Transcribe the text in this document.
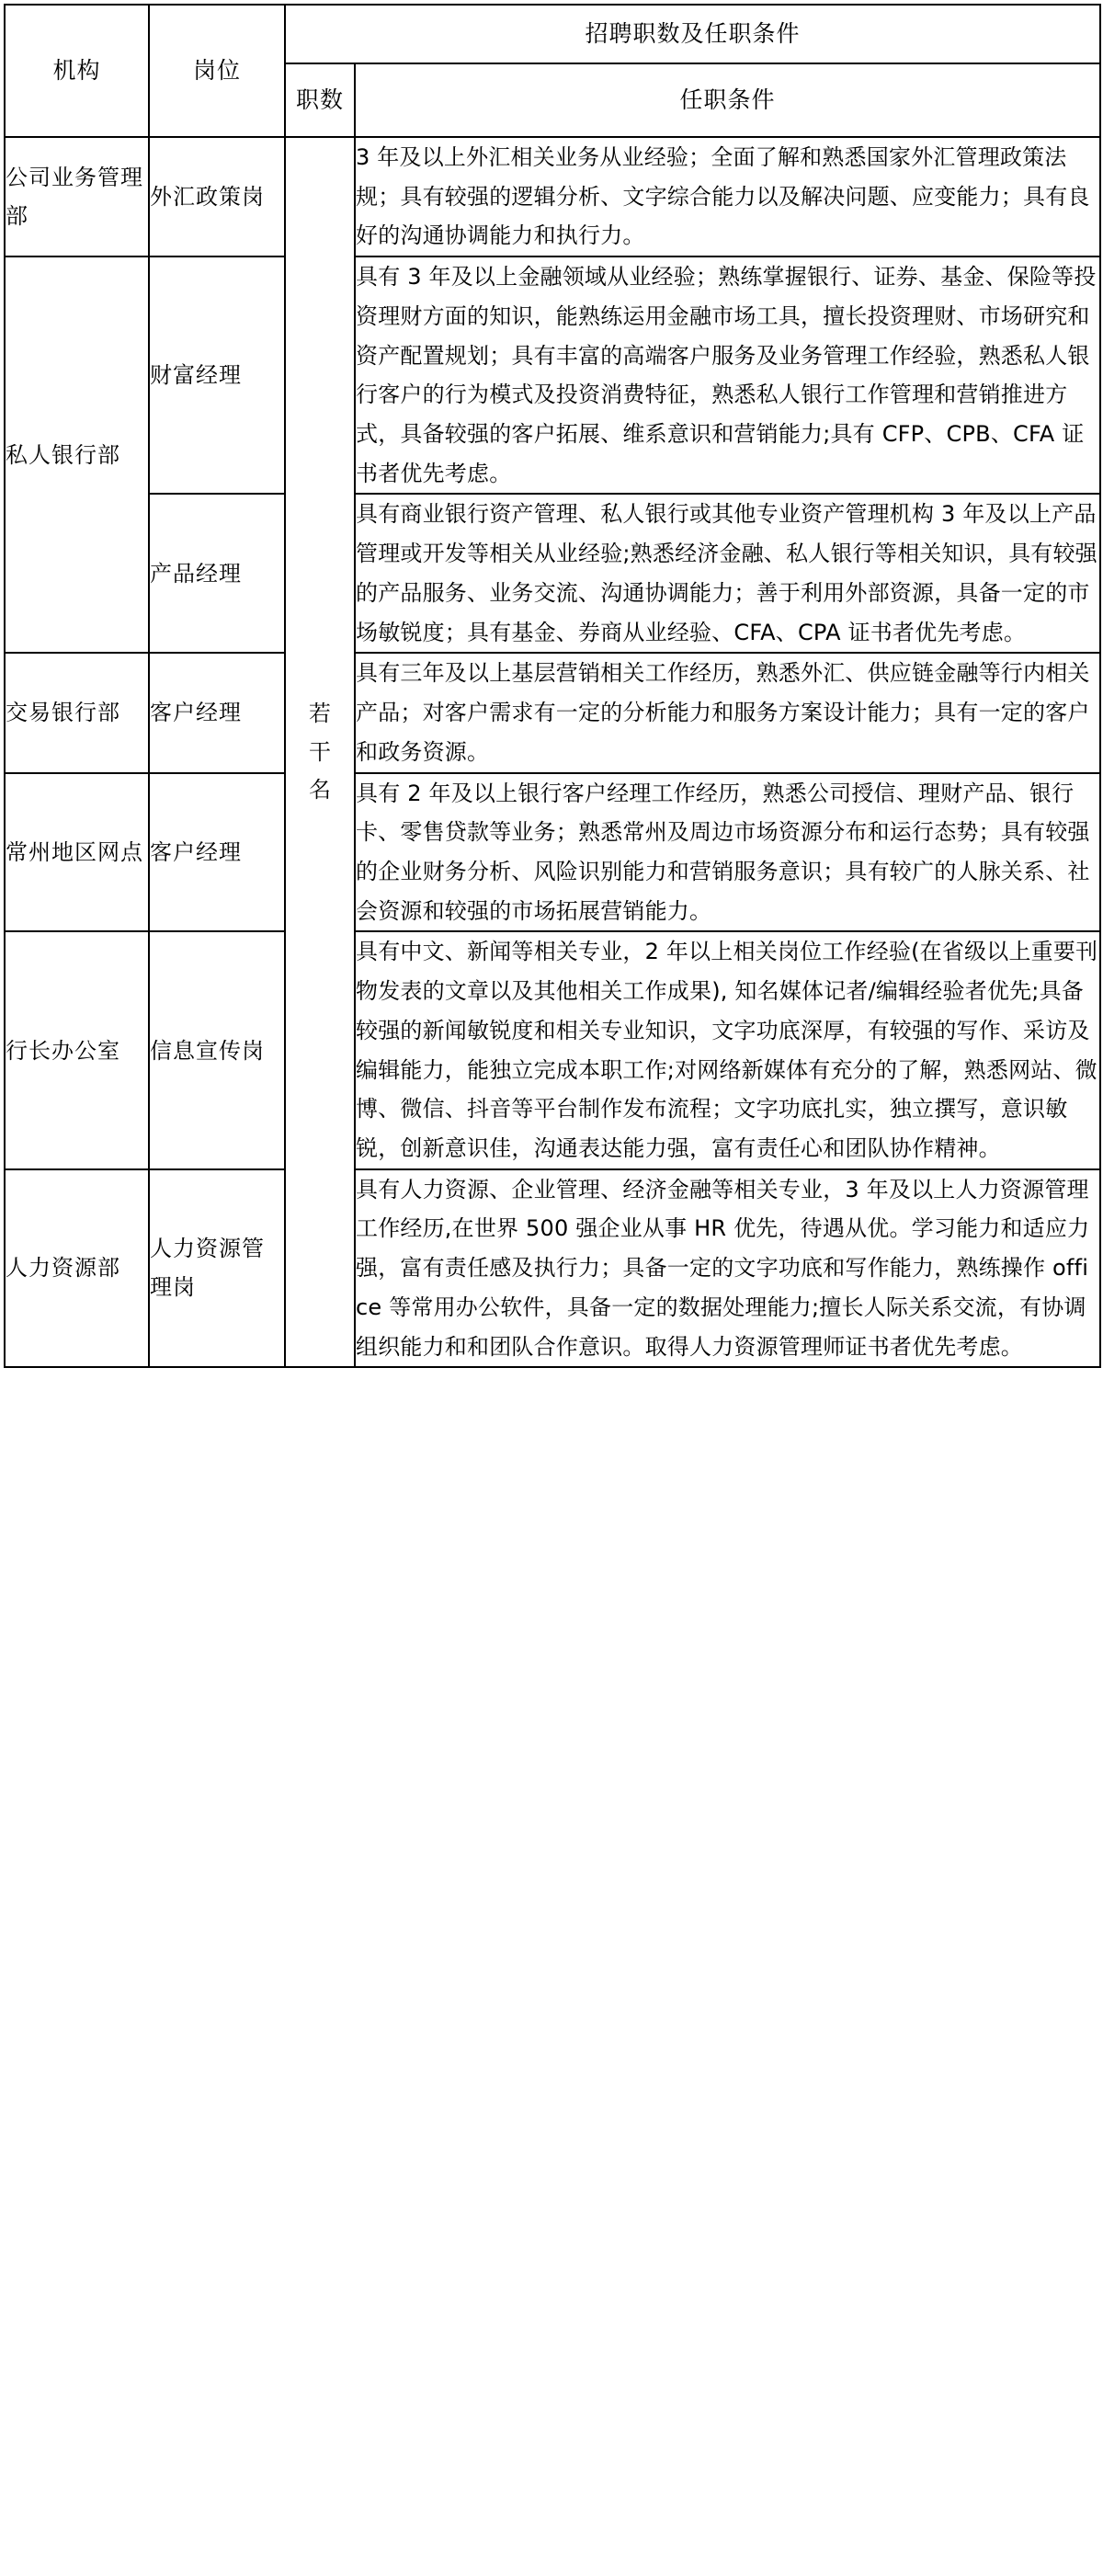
机构	岗位	招聘职数及任职条件	
		职数	任职条件
公司业务管理部	外汇政策岗	若干名	3 年及以上外汇相关业务从业经验；全面了解和熟悉国家外汇管理政策法规；具有较强的逻辑分析、文字综合能力以及解决问题、应变能力；具有良好的沟通协调能力和执行力。
私人银行部	财富经理		具有 3 年及以上金融领域从业经验；熟练掌握银行、证券、基金、保险等投资理财方面的知识，能熟练运用金融市场工具，擅长投资理财、市场研究和资产配置规划；具有丰富的高端客户服务及业务管理工作经验，熟悉私人银行客户的行为模式及投资消费特征，熟悉私人银行工作管理和营销推进方式，具备较强的客户拓展、维系意识和营销能力;具有 CFP、CPB、CFA 证书者优先考虑。
	产品经理		具有商业银行资产管理、私人银行或其他专业资产管理机构 3 年及以上产品管理或开发等相关从业经验;熟悉经济金融、私人银行等相关知识，具有较强的产品服务、业务交流、沟通协调能力；善于利用外部资源，具备一定的市场敏锐度；具有基金、券商从业经验、CFA、CPA 证书者优先考虑。
交易银行部	客户经理		具有三年及以上基层营销相关工作经历，熟悉外汇、供应链金融等行内相关产品；对客户需求有一定的分析能力和服务方案设计能力；具有一定的客户和政务资源。
常州地区网点	客户经理		具有 2 年及以上银行客户经理工作经历，熟悉公司授信、理财产品、银行卡、零售贷款等业务；熟悉常州及周边市场资源分布和运行态势；具有较强的企业财务分析、风险识别能力和营销服务意识；具有较广的人脉关系、社会资源和较强的市场拓展营销能力。
行长办公室	信息宣传岗		具有中文、新闻等相关专业，2 年以上相关岗位工作经验(在省级以上重要刊物发表的文章以及其他相关工作成果), 知名媒体记者/编辑经验者优先;具备较强的新闻敏锐度和相关专业知识，文字功底深厚，有较强的写作、采访及编辑能力，能独立完成本职工作;对网络新媒体有充分的了解，熟悉网站、微博、微信、抖音等平台制作发布流程；文字功底扎实，独立撰写，意识敏锐，创新意识佳，沟通表达能力强，富有责任心和团队协作精神。
人力资源部	人力资源管理岗		具有人力资源、企业管理、经济金融等相关专业，3 年及以上人力资源管理工作经历,在世界 500 强企业从事 HR 优先，待遇从优。学习能力和适应力强，富有责任感及执行力；具备一定的文字功底和写作能力，熟练操作 office 等常用办公软件，具备一定的数据处理能力;擅长人际关系交流，有协调组织能力和和团队合作意识。取得人力资源管理师证书者优先考虑。
